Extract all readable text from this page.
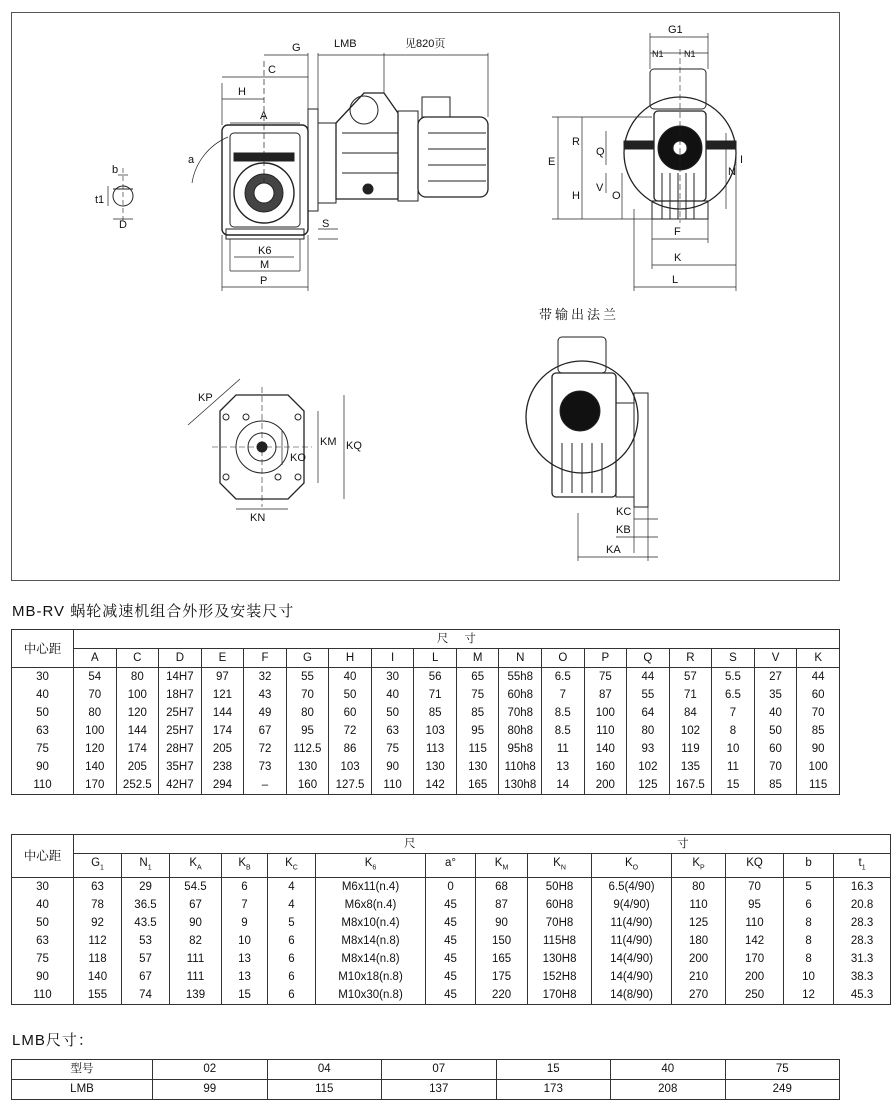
b
t1
D
G	LMB	见820页
C
H
A
a
S
K6
M
P
G1
N1 N1
E
R
Q
H
V
O
I
N
F
K
L
KP
KM KQ
KO
KN
带输出法兰
KC
KB
KA
MB-RV 蜗轮减速机组合外形及安装尺寸
中心距	尺									寸								
	A	C	D	E	F	G	H	I	L	M	N	O	P	Q	R	S	V	K
30	54	80	14H7	97	32	55	40	30	56	65	55h8	6.5	75	44	57	5.5	27	44
40	70	100	18H7	121	43	70	50	40	71	75	60h8	7	87	55	71	6.5	35	60
50	80	120	25H7	144	49	80	60	50	85	85	70h8	8.5	100	64	84	7	40	70
63	100	144	25H7	174	67	95	72	63	103	95	80h8	8.5	110	80	102	8	50	85
75	120	174	28H7	205	72	112.5	86	75	113	115	95h8	11	140	93	119	10	60	90
90	140	205	35H7	238	73	130	103	90	130	130	110h8	13	160	102	135	11	70	100
110	170	252.5	42H7	294	–	160	127.5	110	142	165	130h8	14	200	125	167.5	15	85	115
中心距	尺							寸						
	$G_1$	$N_1$	$K_A$	$K_B$	$K_C$	$K_6$	a°	$K_M$	$K_N$	$K_O$	$K_P$	KQ	b	$t_1$
30	63	29	54.5	6	4	M6x11(n.4)	0	68	50H8	6.5(4/90)	80	70	5	16.3
40	78	36.5	67	7	4	M6x8(n.4)	45	87	60H8	9(4/90)	110	95	6	20.8
50	92	43.5	90	9	5	M8x10(n.4)	45	90	70H8	11(4/90)	125	110	8	28.3
63	112	53	82	10	6	M8x14(n.8)	45	150	115H8	11(4/90)	180	142	8	28.3
75	118	57	111	13	6	M8x14(n.8)	45	165	130H8	14(4/90)	200	170	8	31.3
90	140	67	111	13	6	M10x18(n.8)	45	175	152H8	14(4/90)	210	200	10	38.3
110	155	74	139	15	6	M10x30(n.8)	45	220	170H8	14(8/90)	270	250	12	45.3
LMB尺寸：
型号	02	04	07	15	40	75
LMB	99	115	137	173	208	249
